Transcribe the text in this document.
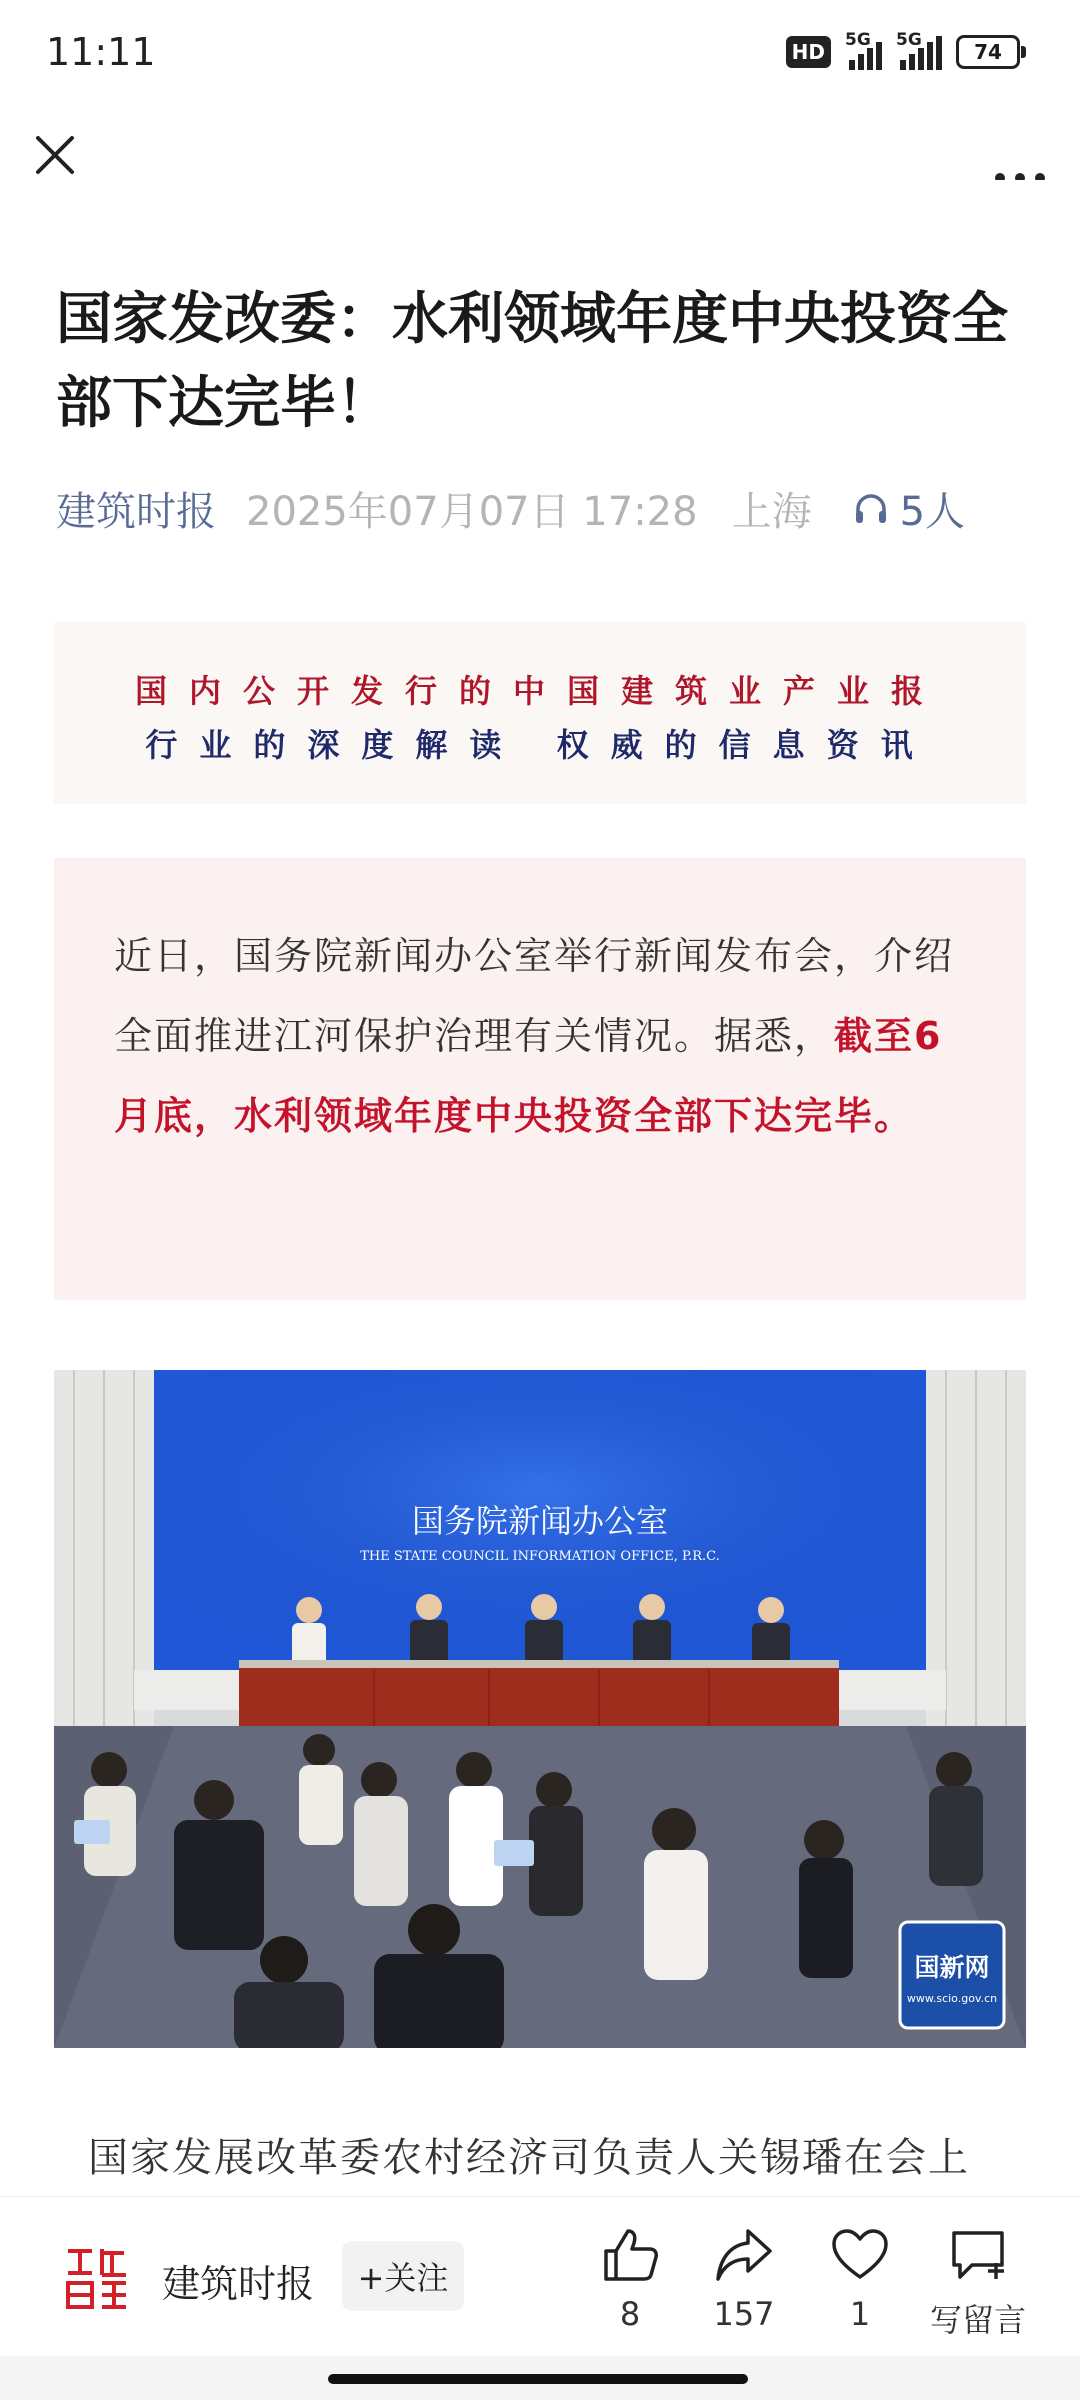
11:11	HD	5G 5G	74
国家发改委：水利领域年度中央投资全部下达完毕！
建筑时报 2025年07月07日 17:28 上海 5人
国内公开发行的中国建筑业产业报
行业的深度解读 权威的信息资讯

近日，国务院新闻办公室举行新闻发布会，介绍全面推进江河保护治理有关情况。据悉，截至6月底，水利领域年度中央投资全部下达完毕。

国务院新闻办公室
THE STATE COUNCIL INFORMATION OFFICE, P.R.C.
国新网
www.scio.gov.cn
国家发展改革委农村经济司负责人关锡璠在会上
建筑时报	+关注
8	157	1	写留言
